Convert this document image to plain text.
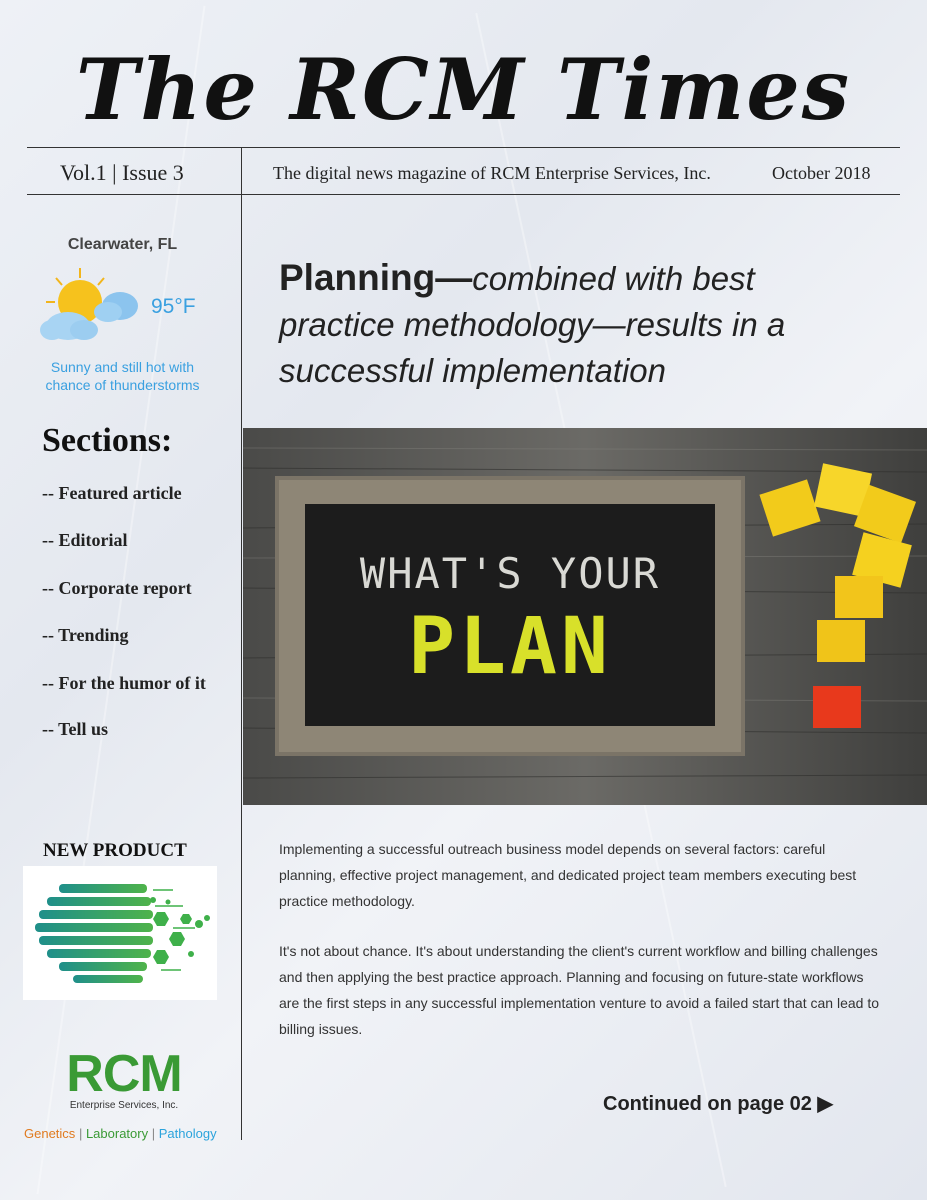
The RCM Times
Vol.1 | Issue 3	The digital news magazine of RCM Enterprise Services, Inc.	October 2018
Clearwater, FL
95°F
Sunny and still hot with chance of thunderstorms
Sections:
-- Featured article
-- Editorial
-- Corporate report
-- Trending
-- For the humor of it
-- Tell us
NEW PRODUCT
RCM
Enterprise Services, Inc.
Genetics | Laboratory | Pathology
Planning—combined with best practice methodology—results in a successful implementation
WHAT'S YOUR
PLAN
Implementing a successful outreach business model depends on several factors: careful planning, effective project management, and dedicated project team members executing best practice methodology.
It's not about chance. It's about understanding the client's current workflow and billing challenges and then applying the best practice approach. Planning and focusing on future-state workflows are the first steps in any successful implementation venture to avoid a failed start that can lead to billing issues.
Continued on page 02 ▶
